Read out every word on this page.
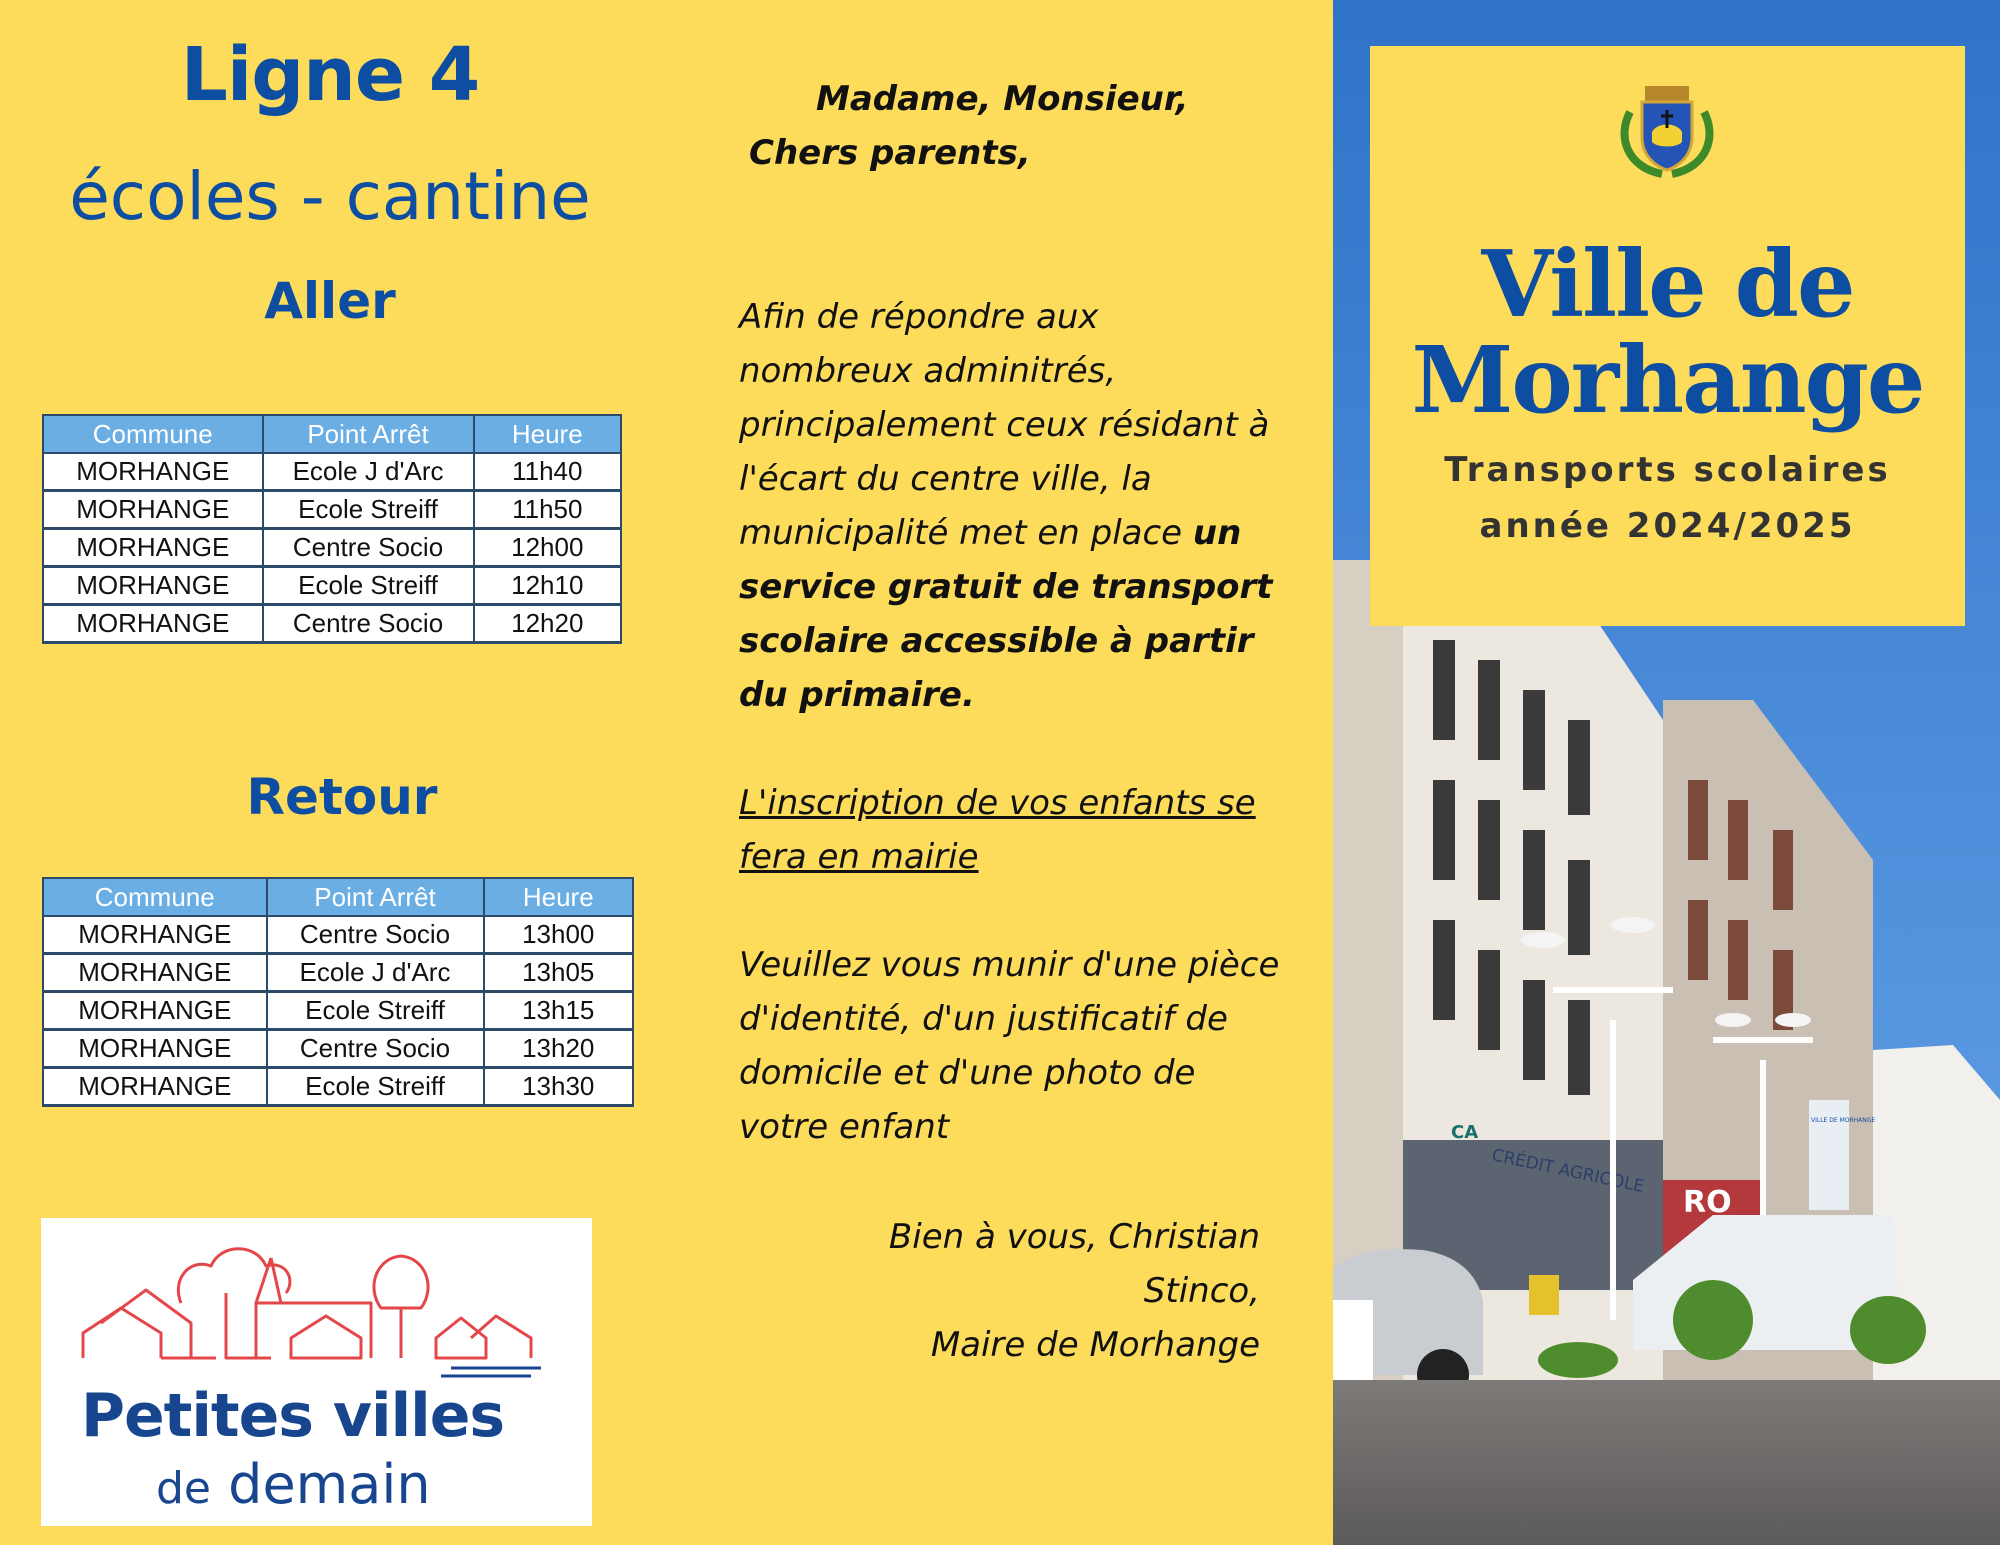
Ligne 4
écoles - cantine
Aller
Commune	Point Arrêt	Heure
MORHANGE	Ecole J d'Arc	11h40
MORHANGE	Ecole Streiff	11h50
MORHANGE	Centre Socio	12h00
MORHANGE	Ecole Streiff	12h10
MORHANGE	Centre Socio	12h20
Retour
Commune	Point Arrêt	Heure
MORHANGE	Centre Socio	13h00
MORHANGE	Ecole J d'Arc	13h05
MORHANGE	Ecole Streiff	13h15
MORHANGE	Centre Socio	13h20
MORHANGE	Ecole Streiff	13h30
Petites villes
de demain
Madame, Monsieur,
Chers parents,
Afin de répondre aux
nombreux adminitrés,
principalement ceux résidant à
l'écart du centre ville, la
municipalité met en place un
service gratuit de transport
scolaire accessible à partir
du primaire.
L'inscription de vos enfants se
fera en mairie
Veuillez vous munir d'une pièce
d'identité, d'un justificatif de
domicile et d'une photo de
votre enfant
Bien à vous, Christian Stinco,
Maire de Morhange
CRÉDIT AGRICOLE
CA
RO
VILLE DE MORHANGE
Ville de
Morhange
Transports scolaires
année 2024/2025
